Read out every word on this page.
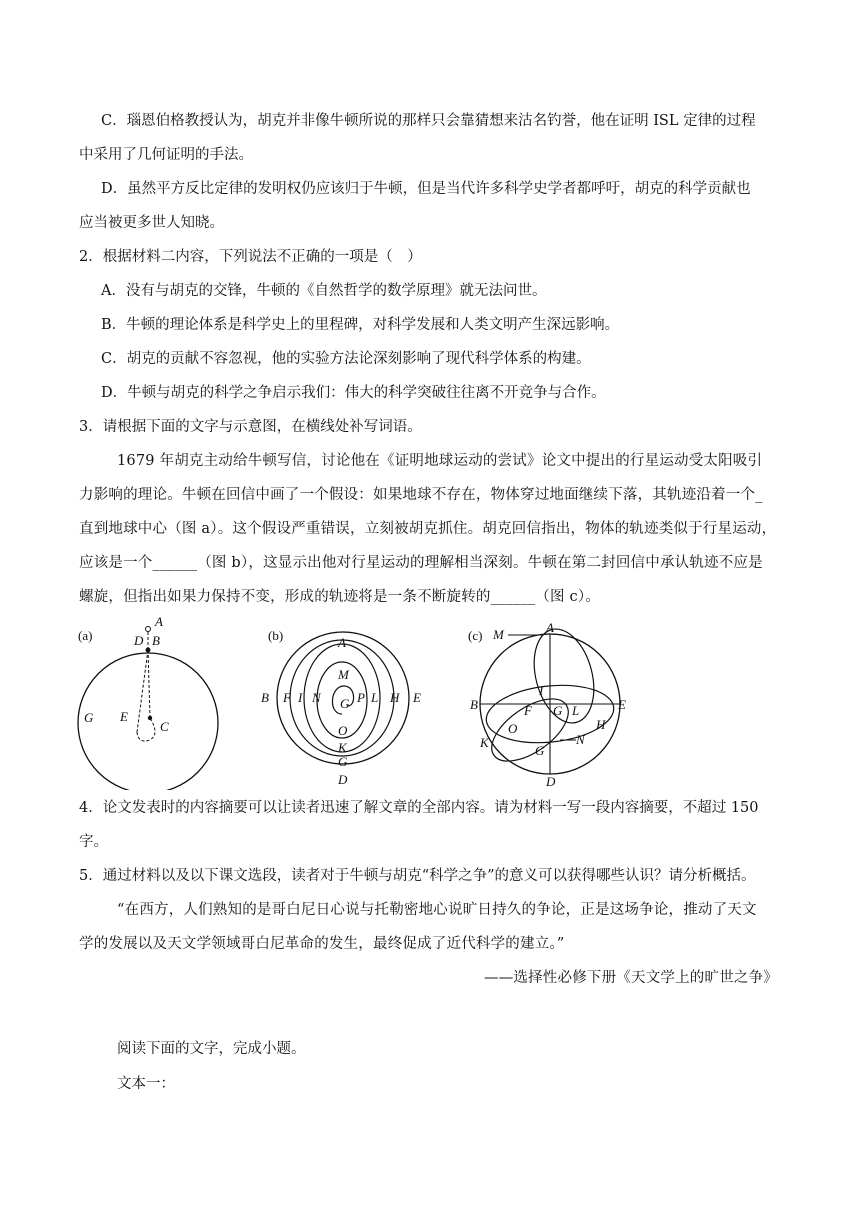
C．瑙恩伯格教授认为，胡克并非像牛顿所说的那样只会靠猜想来沽名钓誉，他在证明 ISL 定律的过程
中采用了几何证明的手法。
D．虽然平方反比定律的发明权仍应该归于牛顿，但是当代许多科学史学者都呼吁，胡克的科学贡献也
应当被更多世人知晓。
2．根据材料二内容，下列说法不正确的一项是（　）
A．没有与胡克的交锋，牛顿的《自然哲学的数学原理》就无法问世。
B．牛顿的理论体系是科学史上的里程碑，对科学发展和人类文明产生深远影响。
C．胡克的贡献不容忽视，他的实验方法论深刻影响了现代科学体系的构建。
D．牛顿与胡克的科学之争启示我们：伟大的科学突破往往离不开竞争与合作。
3．请根据下面的文字与示意图，在横线处补写词语。
1679 年胡克主动给牛顿写信，讨论他在《证明地球运动的尝试》论文中提出的行星运动受太阳吸引
力影响的理论。牛顿在回信中画了一个假设：如果地球不存在，物体穿过地面继续下落，其轨迹沿着一个_
直到地球中心（图 a）。这个假设严重错误，立刻被胡克抓住。胡克回信指出，物体的轨迹类似于行星运动，
应该是一个______（图 b），这显示出他对行星运动的理解相当深刻。牛顿在第二封回信中承认轨迹不应是
螺旋，但指出如果力保持不变，形成的轨迹将是一条不断旋转的______（图 c）。
(a)
A
D B
G E
C
(b)	A
M
B F I N G P L H E
O
K
G
D
(c) M	A
I
B	F G L	E
H
O
K
G
N
D
4．论文发表时的内容摘要可以让读者迅速了解文章的全部内容。请为材料一写一段内容摘要，不超过 150
字。
5．通过材料以及以下课文选段，读者对于牛顿与胡克“科学之争”的意义可以获得哪些认识？请分析概括。
“在西方，人们熟知的是哥白尼日心说与托勒密地心说旷日持久的争论，正是这场争论，推动了天文
学的发展以及天文学领域哥白尼革命的发生，最终促成了近代科学的建立。”
——选择性必修下册《天文学上的旷世之争》
阅读下面的文字，完成小题。
文本一：
